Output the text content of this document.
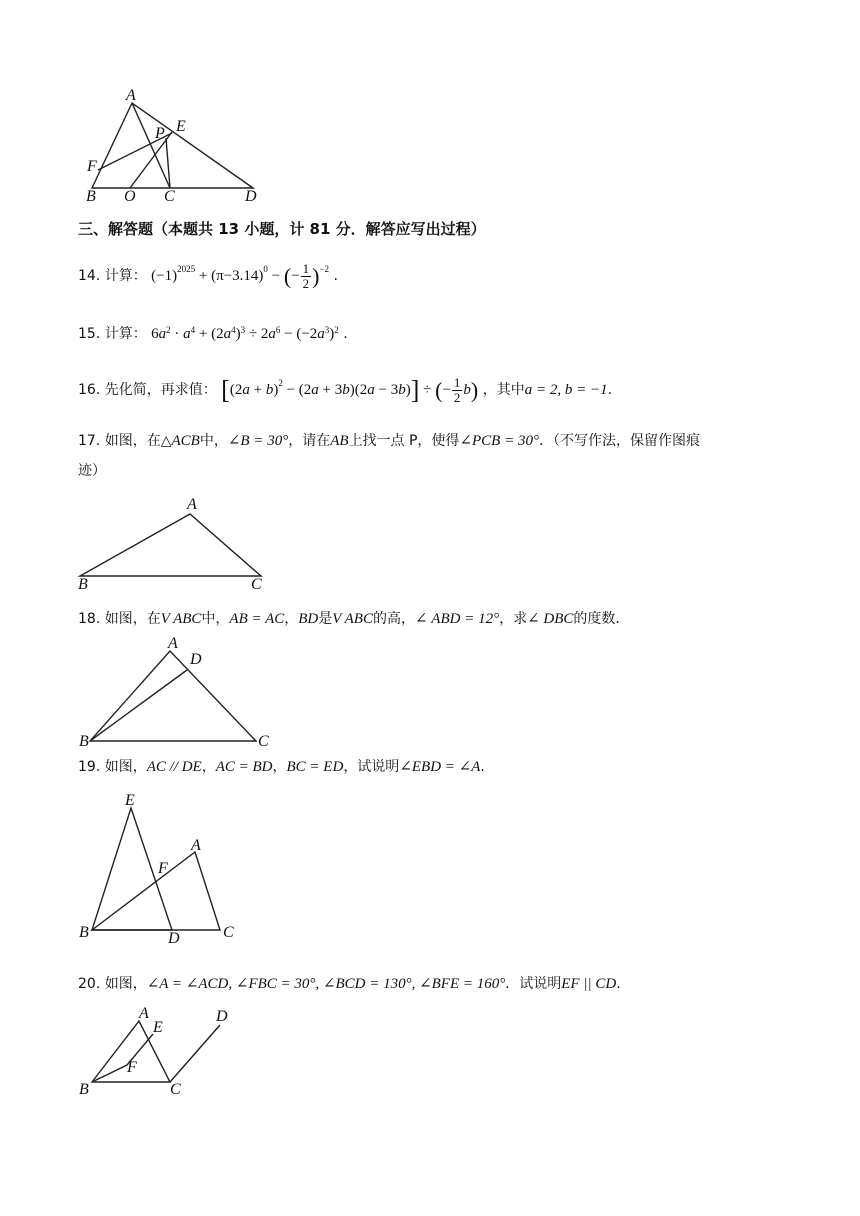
A
P E
F
B O C	D
三、解答题（本题共 13 小题，计 81 分．解答应写出过程）
14. 计算： $(-1)^{2025} + (\pi-3.14)^0$ − (− $\frac{1}{2} )^{-2}$ .
15. 计算： $6a^2 \cdot a^4 + (2a^4)^3 \div 2a^6 - (-2a^3)^2$ .
16. 先化简，再求值： $[(2a + b)^2 - (2a + 3b)(2a - 3b)]$ ÷ (− $\frac{1}{2} b$) ，其中a = 2, b = −1.
17. 如图，在△ACB中，∠B = 30°，请在AB上找一点 P，使得∠PCB = 30°．（不写作法，保留作图痕
迹）
A
B	C
18. 如图，在V ABC中，AB = AC，BD是V ABC的高，∠ ABD = 12°，求∠ DBC的度数．
A
D
B	C
19. 如图，AC // DE，AC = BD，BC = ED，试说明∠EBD = ∠A.
E
A
F
B	D	C
20. 如图，∠A = ∠ACD, ∠FBC = 30°, ∠BCD = 130°, ∠BFE = 160°．试说明EF || CD.
A
E
D
F
B	C
